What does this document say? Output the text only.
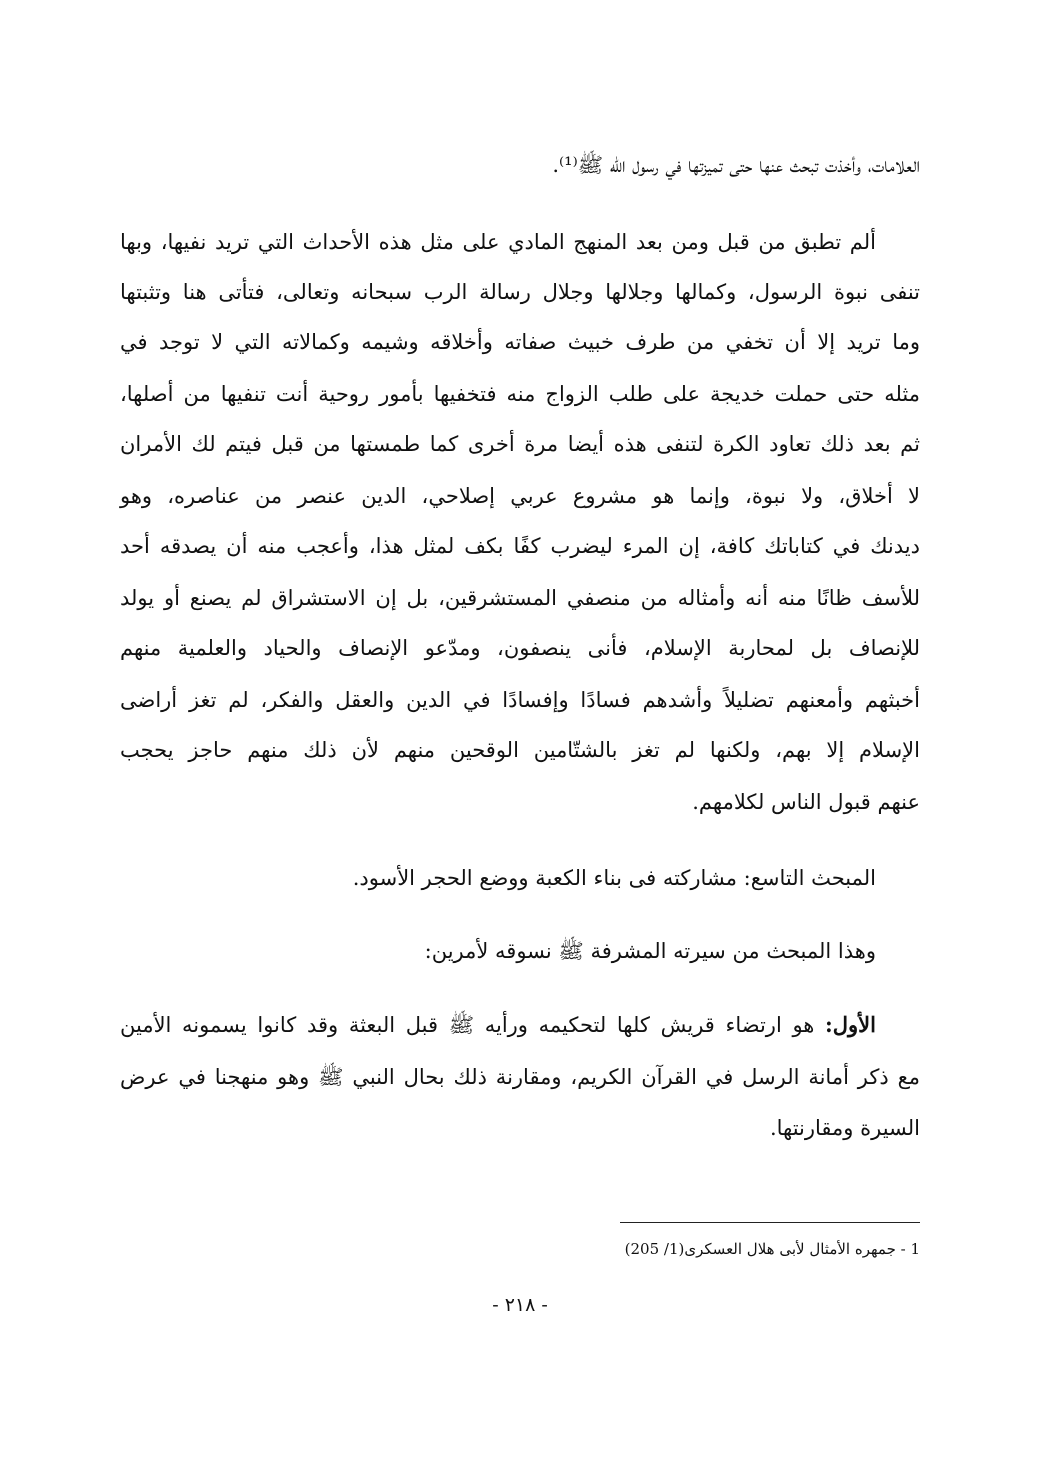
العلامات، وأخذت تبحث عنها حتى تميزتها في رسول الله ﷺ⁽¹⁾.
ألم تطبق من قبل ومن بعد المنهج المادي على مثل هذه الأحداث التي تريد نفيها، وبها
تنفى نبوة الرسول، وكمالها وجلالها وجلال رسالة الرب سبحانه وتعالى، فتأتى هنا وتثبتها
وما تريد إلا أن تخفي من طرف خبيث صفاته وأخلاقه وشيمه وكمالاته التي لا توجد في
مثله حتى حملت خديجة على طلب الزواج منه فتخفيها بأمور روحية أنت تنفيها من أصلها،
ثم بعد ذلك تعاود الكرة لتنفى هذه أيضا مرة أخرى كما طمستها من قبل فيتم لك الأمران
لا أخلاق، ولا نبوة، وإنما هو مشروع عربي إصلاحي، الدين عنصر من عناصره، وهو
ديدنك في كتاباتك كافة، إن المرء ليضرب كفًا بكف لمثل هذا، وأعجب منه أن يصدقه أحد
للأسف ظانًا منه أنه وأمثاله من منصفي المستشرقين، بل إن الاستشراق لم يصنع أو يولد
للإنصاف بل لمحاربة الإسلام، فأنى ينصفون، ومدّعو الإنصاف والحياد والعلمية منهم
أخبثهم وأمعنهم تضليلاً وأشدهم فسادًا وإفسادًا في الدين والعقل والفكر، لم تغز أراضى
الإسلام إلا بهم، ولكنها لم تغز بالشتّامين الوقحين منهم لأن ذلك منهم حاجز يحجب
عنهم قبول الناس لكلامهم.
المبحث التاسع: مشاركته فى بناء الكعبة ووضع الحجر الأسود.
وهذا المبحث من سيرته المشرفة ﷺ نسوقه لأمرين:
الأول: هو ارتضاء قريش كلها لتحكيمه ورأيه ﷺ قبل البعثة وقد كانوا يسمونه الأمين
مع ذكر أمانة الرسل في القرآن الكريم، ومقارنة ذلك بحال النبي ﷺ وهو منهجنا في عرض
السيرة ومقارنتها.
1 - جمهره الأمثال لأبى هلال العسكرى(1/ 205)
- ٢١٨ -
